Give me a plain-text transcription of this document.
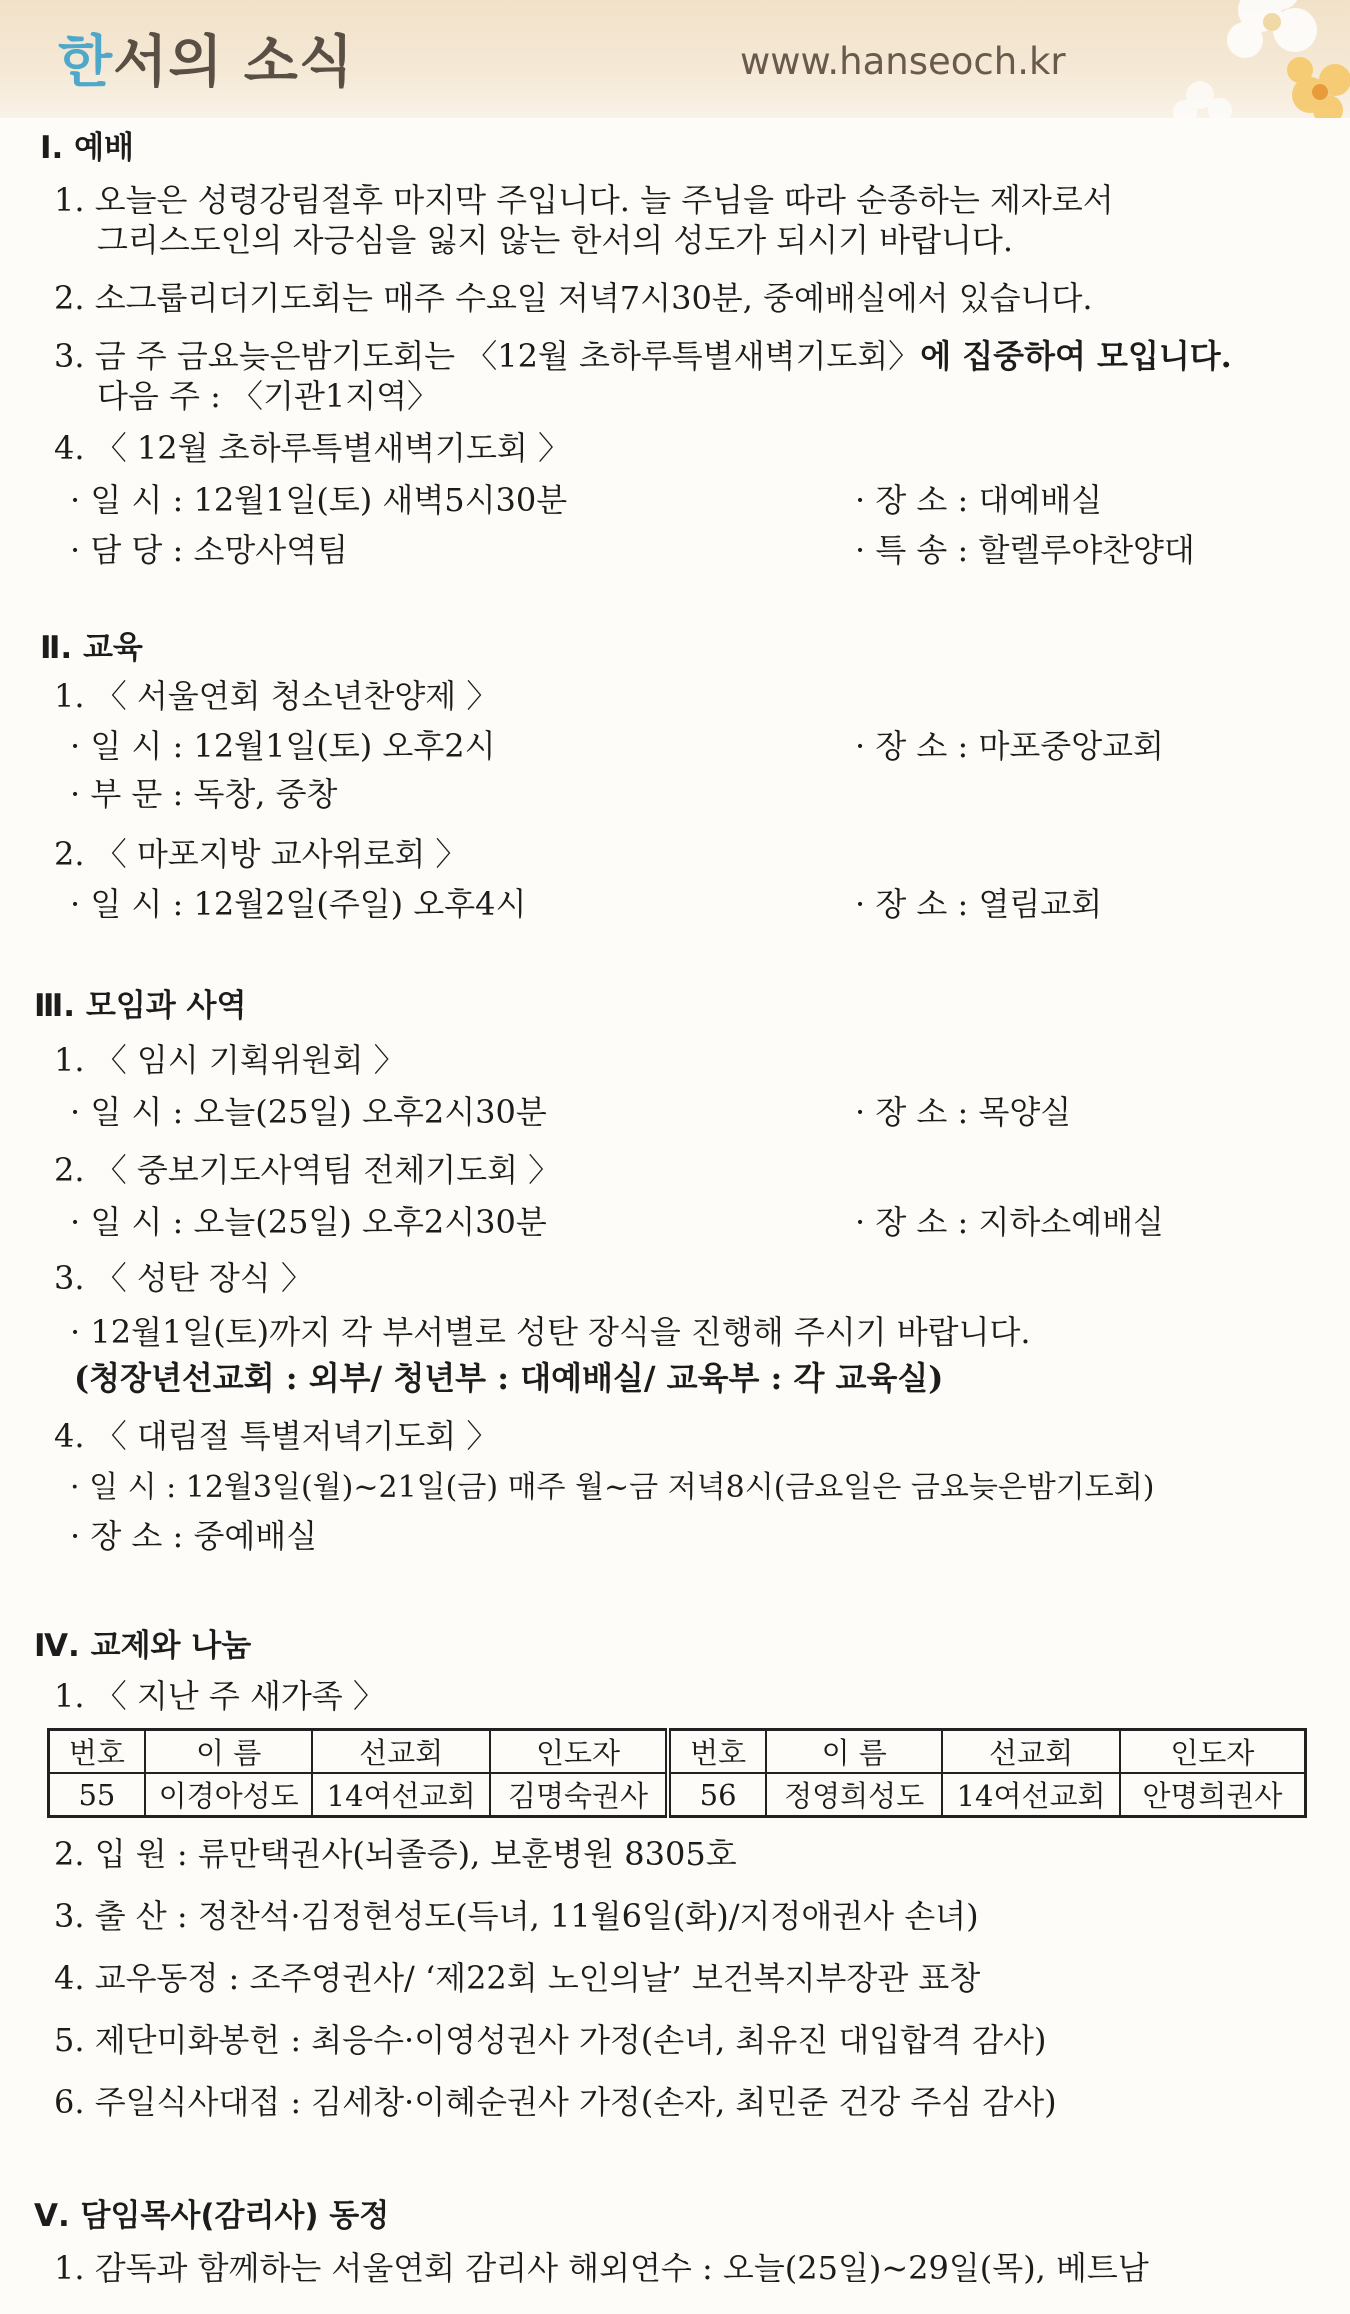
한서의 소식	www.hanseoch.kr
Ⅰ. 예배
1. 오늘은 성령강림절후 마지막 주입니다. 늘 주님을 따라 순종하는 제자로서
그리스도인의 자긍심을 잃지 않는 한서의 성도가 되시기 바랍니다.
2. 소그룹리더기도회는 매주 수요일 저녁7시30분, 중예배실에서 있습니다.
3. 금 주 금요늦은밤기도회는 〈12월 초하루특별새벽기도회〉에 집중하여 모입니다.
다음 주 : 〈기관1지역〉
4. 〈 12월 초하루특별새벽기도회 〉
· 일 시 : 12월1일(토) 새벽5시30분	· 장 소 : 대예배실
· 담 당 : 소망사역팀	· 특 송 : 할렐루야찬양대
Ⅱ. 교육
1. 〈 서울연회 청소년찬양제 〉
· 일 시 : 12월1일(토) 오후2시	· 장 소 : 마포중앙교회
· 부 문 : 독창, 중창
2. 〈 마포지방 교사위로회 〉
· 일 시 : 12월2일(주일) 오후4시	· 장 소 : 열림교회
Ⅲ. 모임과 사역
1. 〈 임시 기획위원회 〉
· 일 시 : 오늘(25일) 오후2시30분	· 장 소 : 목양실
2. 〈 중보기도사역팀 전체기도회 〉
· 일 시 : 오늘(25일) 오후2시30분	· 장 소 : 지하소예배실
3. 〈 성탄 장식 〉
· 12월1일(토)까지 각 부서별로 성탄 장식을 진행해 주시기 바랍니다.
(청장년선교회 : 외부/ 청년부 : 대예배실/ 교육부 : 각 교육실)
4. 〈 대림절 특별저녁기도회 〉
· 일 시 : 12월3일(월)~21일(금) 매주 월~금 저녁8시(금요일은 금요늦은밤기도회)
· 장 소 : 중예배실
Ⅳ. 교제와 나눔
1. 〈 지난 주 새가족 〉
번호	이 름	선교회	인도자	번호	이 름	선교회	인도자
55	이경아성도	14여선교회	김명숙권사	56	정영희성도	14여선교회	안명희권사
2. 입 원 : 류만택권사(뇌졸증), 보훈병원 8305호
3. 출 산 : 정찬석·김정현성도(득녀, 11월6일(화)/지정애권사 손녀)
4. 교우동정 : 조주영권사/ ‘제22회 노인의날’ 보건복지부장관 표창
5. 제단미화봉헌 : 최응수·이영성권사 가정(손녀, 최유진 대입합격 감사)
6. 주일식사대접 : 김세창·이혜순권사 가정(손자, 최민준 건강 주심 감사)
Ⅴ. 담임목사(감리사) 동정
1. 감독과 함께하는 서울연회 감리사 해외연수 : 오늘(25일)~29일(목), 베트남
